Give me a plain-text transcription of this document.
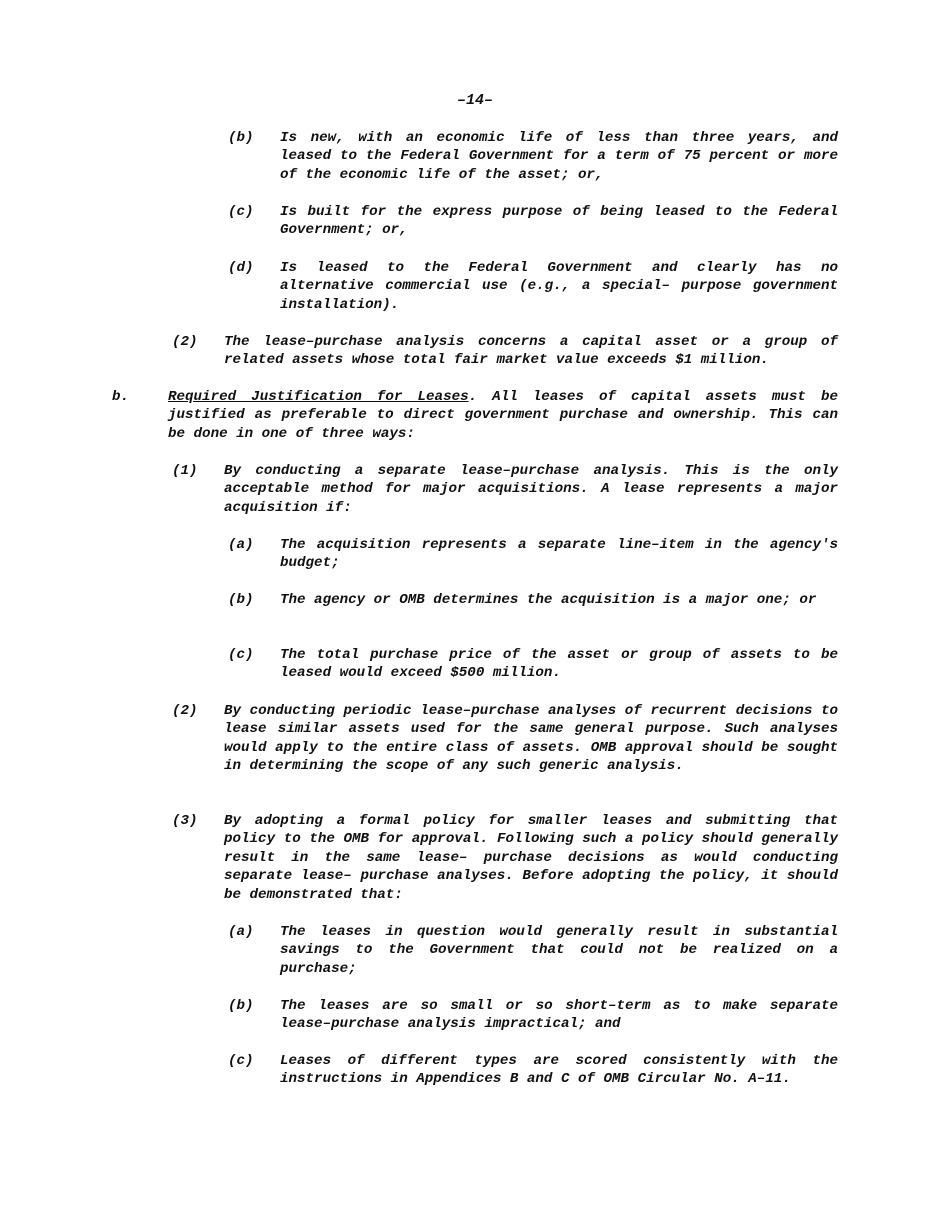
–14–
(b) Is new, with an economic life of less than three years, and leased to the Federal Government for a term of 75 percent or more of the economic life of the asset; or,
(c) Is built for the express purpose of being leased to the Federal Government; or,
(d) Is leased to the Federal Government and clearly has no alternative commercial use (e.g., a special– purpose government installation).
(2) The lease–purchase analysis concerns a capital asset or a group of related assets whose total fair market value exceeds $1 million.
b.	Required Justification for Leases. All leases of capital assets must be justified as preferable to direct government purchase and ownership. This can be done in one of three ways:
(1) By conducting a separate lease–purchase analysis. This is the only acceptable method for major acquisitions. A lease represents a major acquisition if:
(a) The acquisition represents a separate line–item in the agency's budget;
(b) The agency or OMB determines the acquisition is a major one; or
(c) The total purchase price of the asset or group of assets to be leased would exceed $500 million.
(2) By conducting periodic lease–purchase analyses of recurrent decisions to lease similar assets used for the same general purpose. Such analyses would apply to the entire class of assets. OMB approval should be sought in determining the scope of any such generic analysis.
(3) By adopting a formal policy for smaller leases and submitting that policy to the OMB for approval. Following such a policy should generally result in the same lease– purchase decisions as would conducting separate lease– purchase analyses. Before adopting the policy, it should be demonstrated that:
(a) The leases in question would generally result in substantial savings to the Government that could not be realized on a purchase;
(b) The leases are so small or so short–term as to make separate lease–purchase analysis impractical; and
(c) Leases of different types are scored consistently with the instructions in Appendices B and C of OMB Circular No. A–11.
